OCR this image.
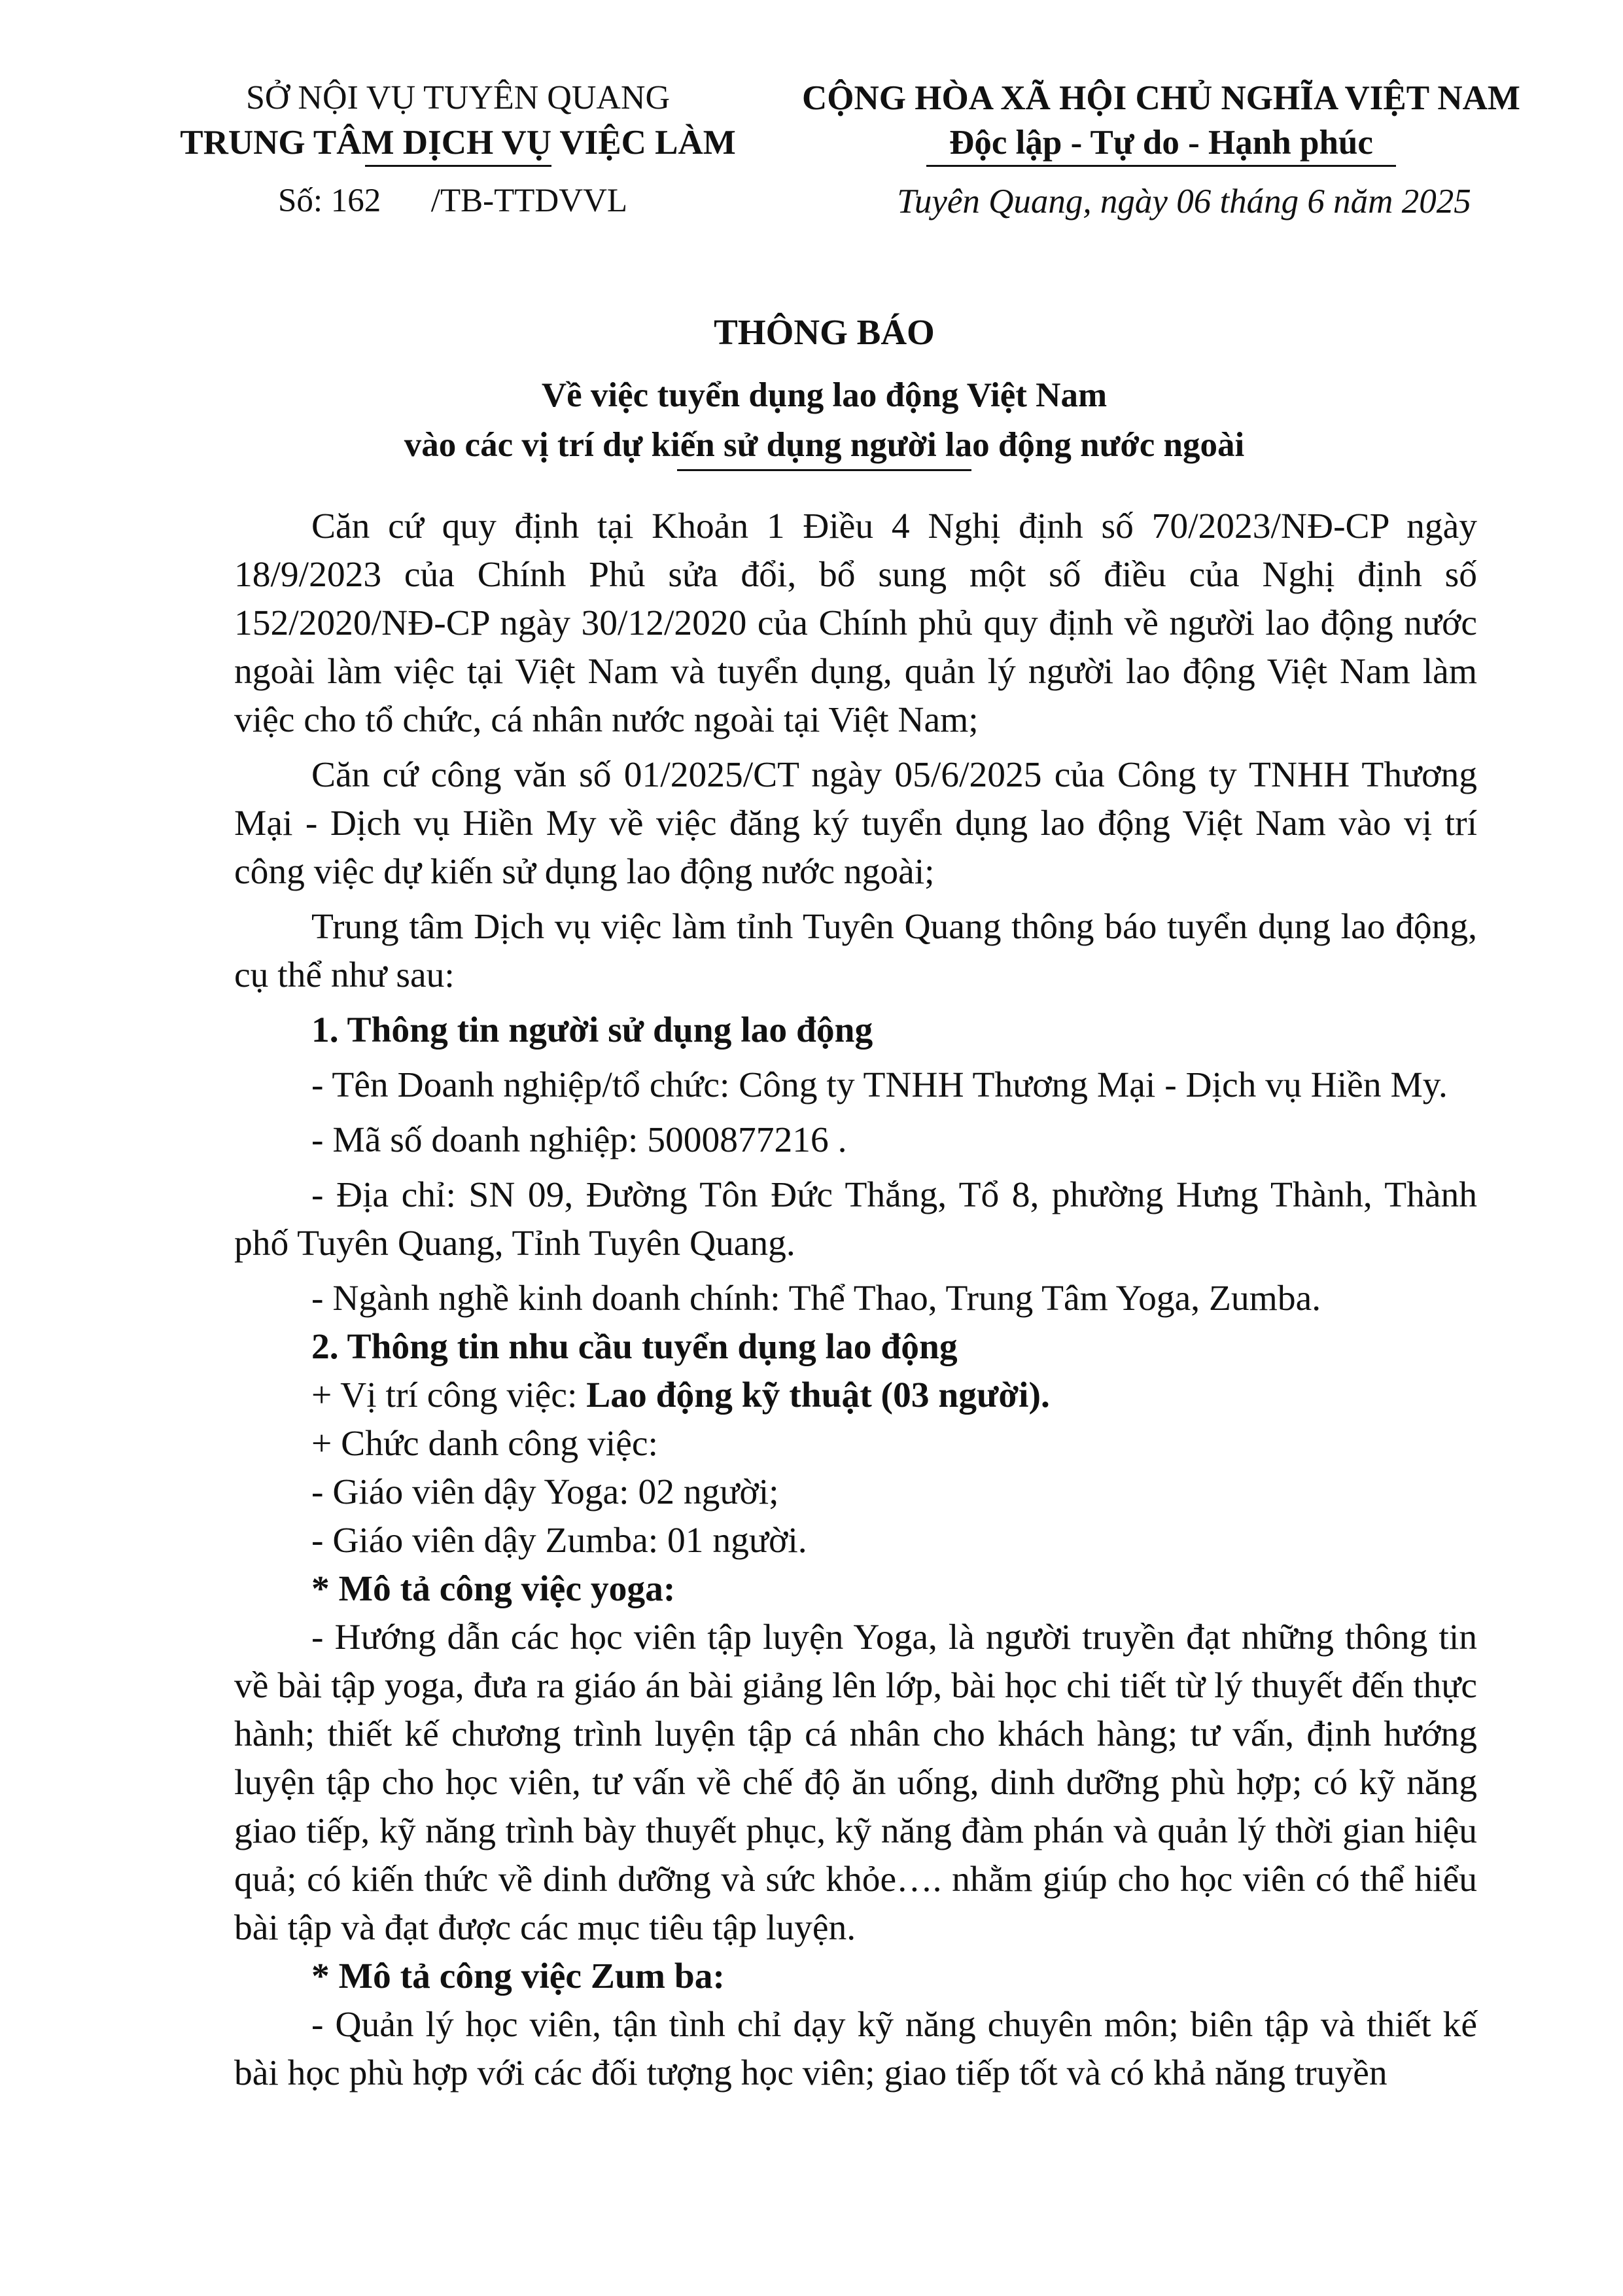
SỞ NỘI VỤ TUYÊN QUANG
TRUNG TÂM DỊCH VỤ VIỆC LÀM
CỘNG HÒA XÃ HỘI CHỦ NGHĨA VIỆT NAM
Độc lập - Tự do - Hạnh phúc
Số: 162      /TB-TTDVVL	Tuyên Quang, ngày 06 tháng 6 năm 2025
THÔNG BÁO
Về việc tuyển dụng lao động Việt Nam
vào các vị trí dự kiến sử dụng người lao động nước ngoài

Căn cứ quy định tại Khoản 1 Điều 4 Nghị định số 70/2023/NĐ-CP ngày 18/9/2023 của Chính Phủ sửa đổi, bổ sung một số điều của Nghị định số 152/2020/NĐ-CP ngày 30/12/2020 của Chính phủ quy định về người lao động nước ngoài làm việc tại Việt Nam và tuyển dụng, quản lý người lao động Việt Nam làm việc cho tổ chức, cá nhân nước ngoài tại Việt Nam;

Căn cứ công văn số 01/2025/CT ngày 05/6/2025 của Công ty TNHH Thương Mại - Dịch vụ Hiền My về việc đăng ký tuyển dụng lao động Việt Nam vào vị trí công việc dự kiến sử dụng lao động nước ngoài;

Trung tâm Dịch vụ việc làm tỉnh Tuyên Quang thông báo tuyển dụng lao động, cụ thể như sau:

1. Thông tin người sử dụng lao động

- Tên Doanh nghiệp/tổ chức: Công ty TNHH Thương Mại - Dịch vụ Hiền My.

- Mã số doanh nghiệp: 5000877216 .

- Địa chỉ: SN 09, Đường Tôn Đức Thắng, Tổ 8, phường Hưng Thành, Thành phố Tuyên Quang, Tỉnh Tuyên Quang.

- Ngành nghề kinh doanh chính: Thể Thao, Trung Tâm Yoga, Zumba.

2. Thông tin nhu cầu tuyển dụng lao động

+ Vị trí công việc: Lao động kỹ thuật (03 người).

+ Chức danh công việc:

- Giáo viên dậy Yoga: 02 người;

- Giáo viên dậy Zumba: 01 người.

* Mô tả công việc yoga:

- Hướng dẫn các học viên tập luyện Yoga, là người truyền đạt những thông tin về bài tập yoga, đưa ra giáo án bài giảng lên lớp, bài học chi tiết từ lý thuyết đến thực hành; thiết kế chương trình luyện tập cá nhân cho khách hàng; tư vấn, định hướng luyện tập cho học viên, tư vấn về chế độ ăn uống, dinh dưỡng phù hợp; có kỹ năng giao tiếp, kỹ năng trình bày thuyết phục, kỹ năng đàm phán và quản lý thời gian hiệu quả; có kiến thức về dinh dưỡng và sức khỏe…. nhằm giúp cho học viên có thể hiểu bài tập và đạt được các mục tiêu tập luyện.

* Mô tả công việc Zum ba:

- Quản lý học viên, tận tình chỉ dạy kỹ năng chuyên môn; biên tập và thiết kế bài học phù hợp với các đối tượng học viên; giao tiếp tốt và có khả năng truyền
